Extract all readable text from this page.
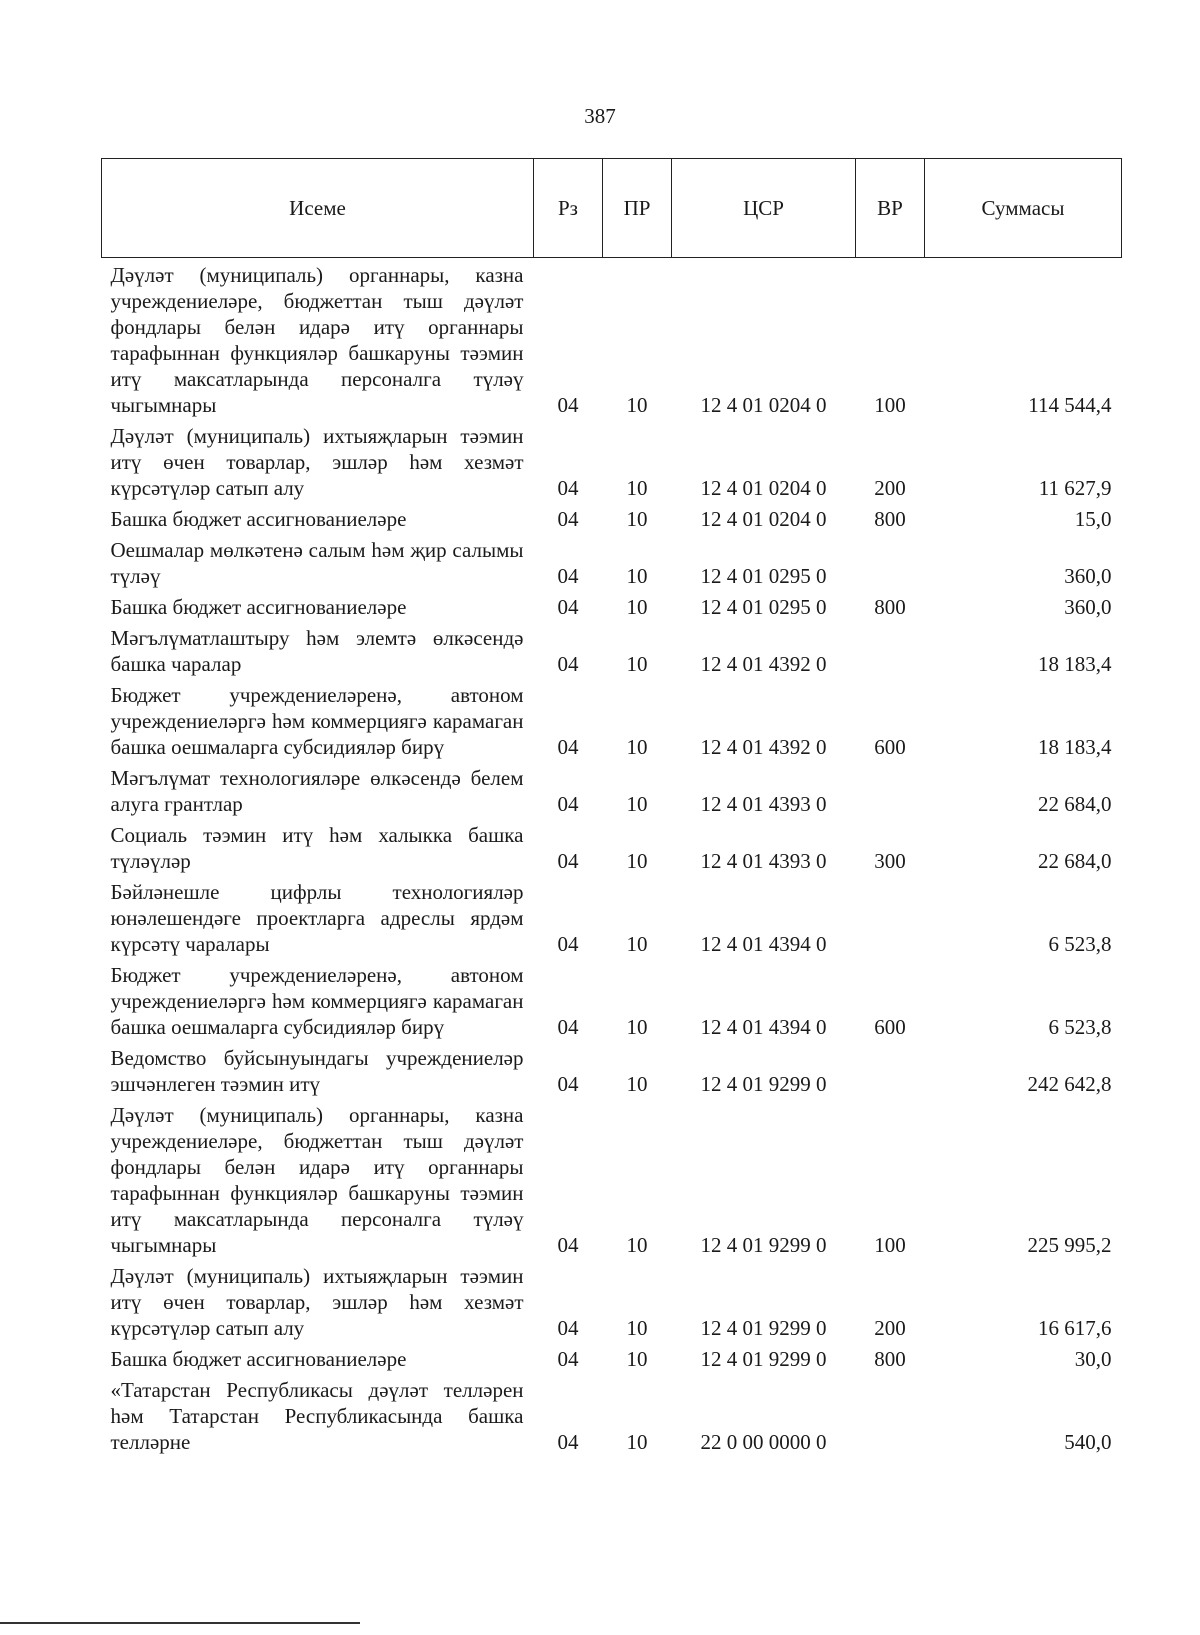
387
Исеме	Рз	ПР	ЦСР	ВР	Суммасы
Дәүләт (муниципаль) органнары, казна учреждениеләре, бюджеттан тыш дәүләт фондлары белән идарә итү органнары тарафыннан функцияләр башкаруны тәэмин итү максатларында персоналга түләү чыгымнары	04	10	12 4 01 0204 0	100	114 544,4
Дәүләт (муниципаль) ихтыяҗларын тәэмин итү өчен товарлар, эшләр һәм хезмәт күрсәтүләр сатып алу	04	10	12 4 01 0204 0	200	11 627,9
Башка бюджет ассигнованиеләре	04	10	12 4 01 0204 0	800	15,0
Оешмалар мөлкәтенә салым һәм җир салымы түләү	04	10	12 4 01 0295 0		360,0
Башка бюджет ассигнованиеләре	04	10	12 4 01 0295 0	800	360,0
Мәгълүматлаштыру һәм элемтә өлкәсендә башка чаралар	04	10	12 4 01 4392 0		18 183,4
Бюджет учреждениеләренә, автоном учреждениеләргә һәм коммерциягә карамаган башка оешмаларга субсидияләр бирү	04	10	12 4 01 4392 0	600	18 183,4
Мәгълүмат технологияләре өлкәсендә белем алуга грантлар	04	10	12 4 01 4393 0		22 684,0
Социаль тәэмин итү һәм халыкка башка түләүләр	04	10	12 4 01 4393 0	300	22 684,0
Бәйләнешле цифрлы технологияләр юнәлешендәге проектларга адреслы ярдәм күрсәтү чаралары	04	10	12 4 01 4394 0		6 523,8
Бюджет учреждениеләренә, автоном учреждениеләргә һәм коммерциягә карамаган башка оешмаларга субсидияләр бирү	04	10	12 4 01 4394 0	600	6 523,8
Ведомство буйсынуындагы учреждениеләр эшчәнлеген тәэмин итү	04	10	12 4 01 9299 0		242 642,8
Дәүләт (муниципаль) органнары, казна учреждениеләре, бюджеттан тыш дәүләт фондлары белән идарә итү органнары тарафыннан функцияләр башкаруны тәэмин итү максатларында персоналга түләү чыгымнары	04	10	12 4 01 9299 0	100	225 995,2
Дәүләт (муниципаль) ихтыяҗларын тәэмин итү өчен товарлар, эшләр һәм хезмәт күрсәтүләр сатып алу	04	10	12 4 01 9299 0	200	16 617,6
Башка бюджет ассигнованиеләре	04	10	12 4 01 9299 0	800	30,0
«Татарстан Республикасы дәүләт телләрен һәм Татарстан Республикасында башка телләрне	04	10	22 0 00 0000 0		540,0
